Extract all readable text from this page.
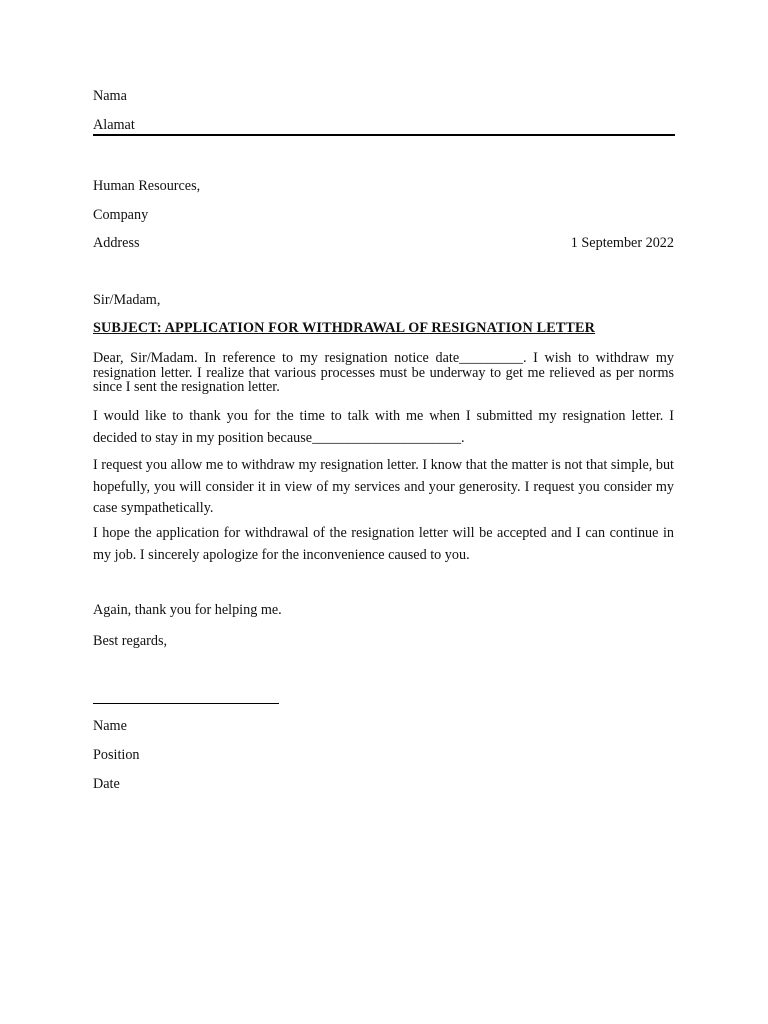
Nama
Alamat
Human Resources,
Company
Address	1 September 2022
Sir/Madam,
SUBJECT: APPLICATION FOR WITHDRAWAL OF RESIGNATION LETTER
Dear, Sir/Madam. In reference to my resignation notice date_________. I wish to withdraw my resignation letter. I realize that various processes must be underway to get me relieved as per norms since I sent the resignation letter.
I would like to thank you for the time to talk with me when I submitted my resignation letter. I decided to stay in my position because_____________________.
I request you allow me to withdraw my resignation letter. I know that the matter is not that simple, but hopefully, you will consider it in view of my services and your generosity. I request you consider my case sympathetically.
I hope the application for withdrawal of the resignation letter will be accepted and I can continue in my job. I sincerely apologize for the inconvenience caused to you.
Again, thank you for helping me.
Best regards,
Name
Position
Date
